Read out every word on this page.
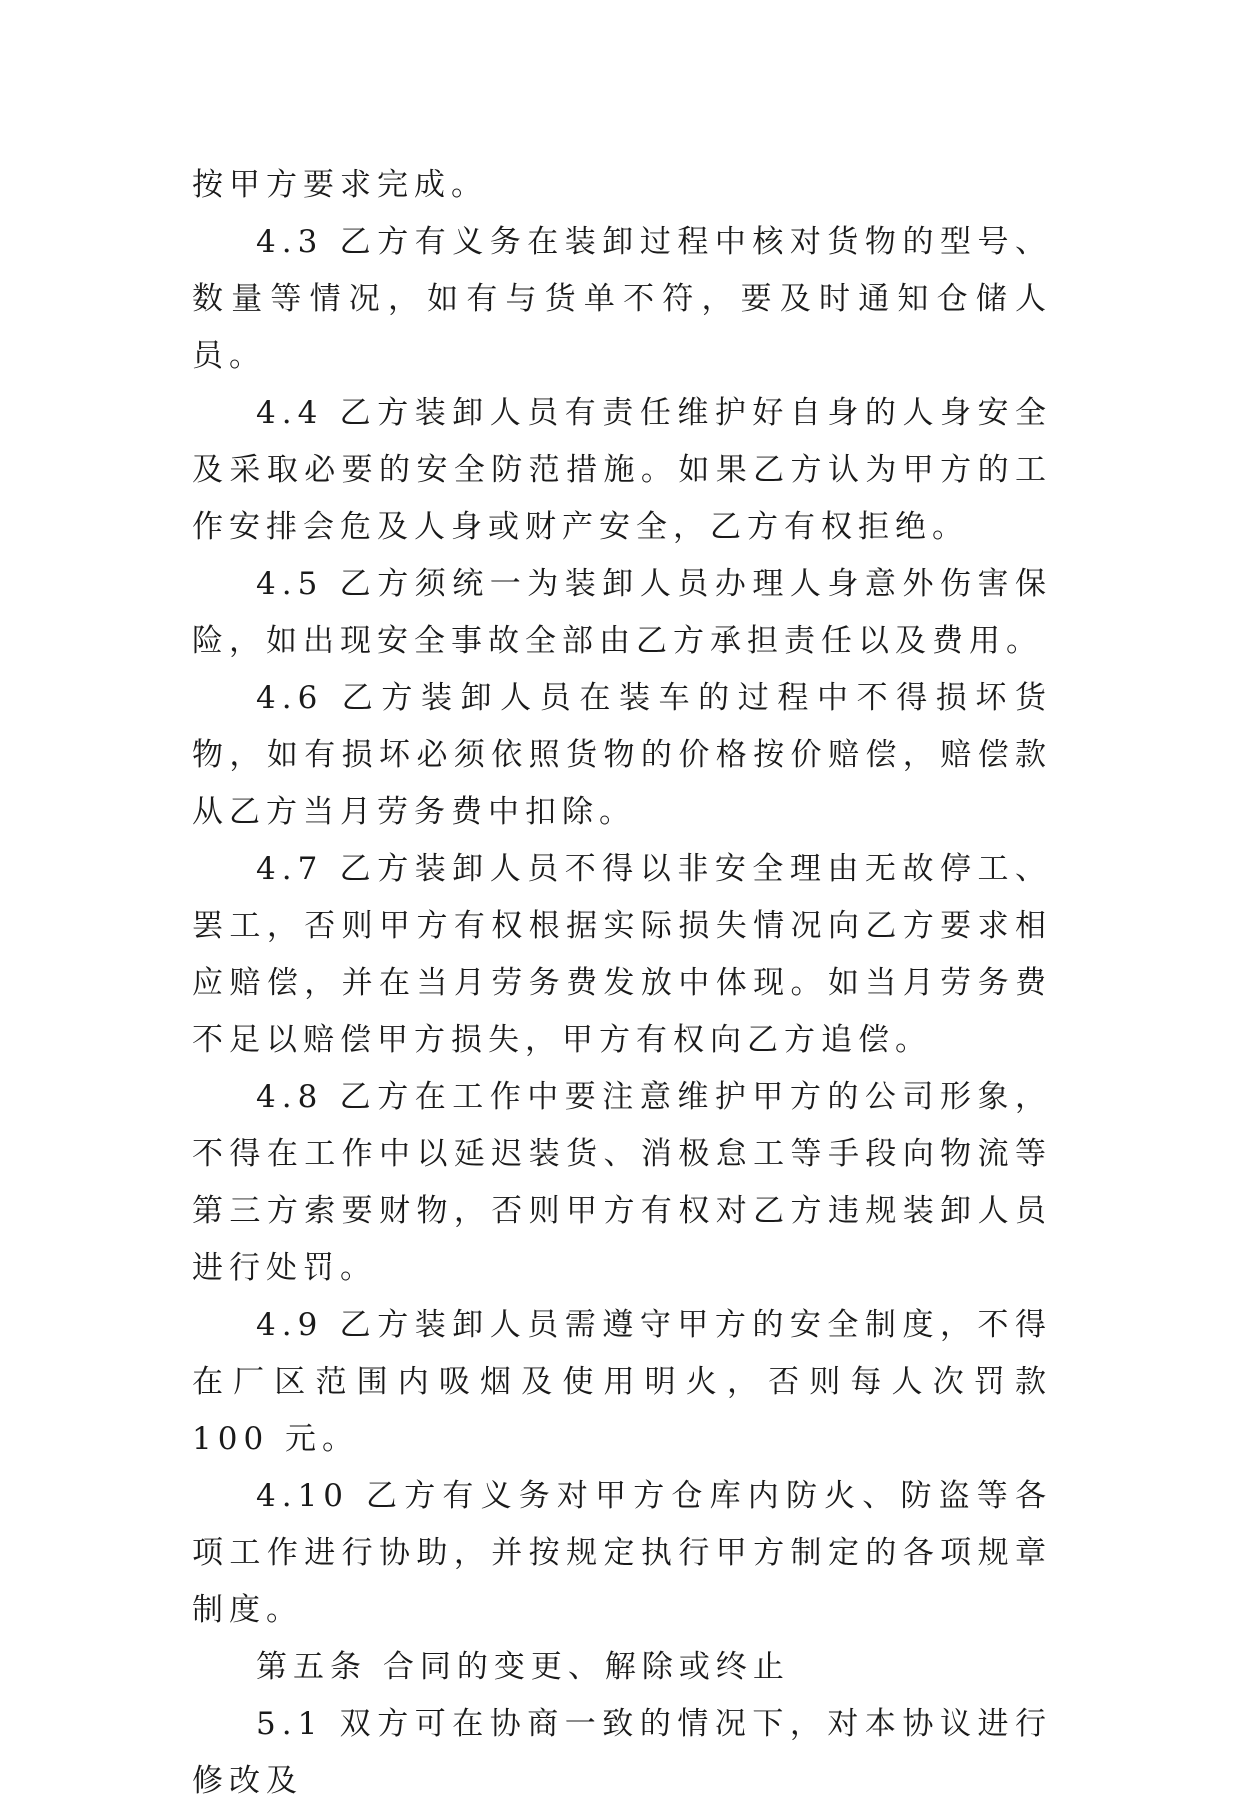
按甲方要求完成。

4.3 乙方有义务在装卸过程中核对货物的型号、数量等情况，如有与货单不符，要及时通知仓储人员。

4.4 乙方装卸人员有责任维护好自身的人身安全及采取必要的安全防范措施。如果乙方认为甲方的工作安排会危及人身或财产安全，乙方有权拒绝。

4.5 乙方须统一为装卸人员办理人身意外伤害保险，如出现安全事故全部由乙方承担责任以及费用。

4.6 乙方装卸人员在装车的过程中不得损坏货物，如有损坏必须依照货物的价格按价赔偿，赔偿款从乙方当月劳务费中扣除。

4.7 乙方装卸人员不得以非安全理由无故停工、罢工，否则甲方有权根据实际损失情况向乙方要求相应赔偿，并在当月劳务费发放中体现。如当月劳务费不足以赔偿甲方损失，甲方有权向乙方追偿。

4.8 乙方在工作中要注意维护甲方的公司形象，不得在工作中以延迟装货、消极怠工等手段向物流等第三方索要财物，否则甲方有权对乙方违规装卸人员进行处罚。

4.9 乙方装卸人员需遵守甲方的安全制度，不得在厂区范围内吸烟及使用明火，否则每人次罚款 100 元。

4.10 乙方有义务对甲方仓库内防火、防盗等各项工作进行协助，并按规定执行甲方制定的各项规章制度。

第五条 合同的变更、解除或终止

5.1 双方可在协商一致的情况下，对本协议进行修改及
